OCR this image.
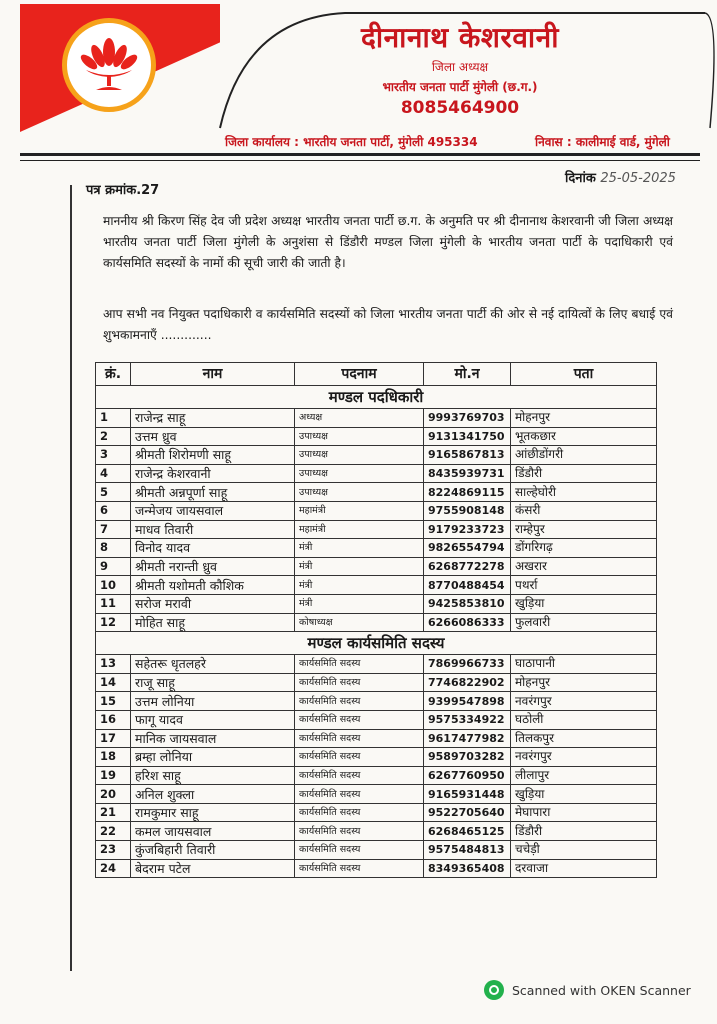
दीनानाथ केशरवानी
जिला अध्यक्ष
भारतीय जनता पार्टी मुंगेली (छ.ग.)
8085464900
जिला कार्यालय : भारतीय जनता पार्टी, मुंगेली 495334	निवास : कालीमाई वार्ड, मुंगेली
पत्र क्रमांक.27
दिनांक 25-05-2025
माननीय श्री किरण सिंह देव जी प्रदेश अध्यक्ष भारतीय जनता पार्टी छ.ग. के अनुमति पर श्री दीनानाथ केशरवानी जी जिला अध्यक्ष भारतीय जनता पार्टी जिला मुंगेली के अनुशंसा से डिंडौरी मण्डल जिला मुंगेली के भारतीय जनता पार्टी के पदाधिकारी एवं कार्यसमिति सदस्यों के नामों की सूची जारी की जाती है।
आप सभी नव नियुक्त पदाधिकारी व कार्यसमिति सदस्यों को जिला भारतीय जनता पार्टी की ओर से नई दायित्वों के लिए बधाई एवं शुभकामनाएँ .............
क्रं.	नाम	पदनाम	मो.न	पता
मण्डल पदधिकारी				
1	राजेन्द्र साहू	अध्यक्ष	9993769703	मोहनपुर
2	उत्तम ध्रुव	उपाध्यक्ष	9131341750	भूतकछार
3	श्रीमती शिरोमणी साहू	उपाध्यक्ष	9165867813	आंछीडोंगरी
4	राजेन्द्र केशरवानी	उपाध्यक्ष	8435939731	डिंडौरी
5	श्रीमती अन्नपूर्णा साहू	उपाध्यक्ष	8224869115	साल्हेघोरी
6	जन्मेजय जायसवाल	महामंत्री	9755908148	कंसरी
7	माधव तिवारी	महामंत्री	9179233723	राम्हेपुर
8	विनोद यादव	मंत्री	9826554794	डोंगरिगढ़
9	श्रीमती नरान्ती ध्रुव	मंत्री	6268772278	अखरार
10	श्रीमती यशोमती कौशिक	मंत्री	8770488454	पथर्रा
11	सरोज मरावी	मंत्री	9425853810	खुड़िया
12	मोहित साहू	कोषाध्यक्ष	6266086333	फुलवारी
मण्डल कार्यसमिति सदस्य				
13	सहेतरू धृतलहरे	कार्यसमिति सदस्य	7869966733	घाठापानी
14	राजू साहू	कार्यसमिति सदस्य	7746822902	मोहनपुर
15	उत्तम लोनिया	कार्यसमिति सदस्य	9399547898	नवरंगपुर
16	फागू यादव	कार्यसमिति सदस्य	9575334922	घठोली
17	मानिक जायसवाल	कार्यसमिति सदस्य	9617477982	तिलकपुर
18	ब्रम्हा लोनिया	कार्यसमिति सदस्य	9589703282	नवरंगपुर
19	हरिश साहू	कार्यसमिति सदस्य	6267760950	लीलापुर
20	अनिल शुक्ला	कार्यसमिति सदस्य	9165931448	खुड़िया
21	रामकुमार साहू	कार्यसमिति सदस्य	9522705640	मेघापारा
22	कमल जायसवाल	कार्यसमिति सदस्य	6268465125	डिंडौरी
23	कुंजबिहारी तिवारी	कार्यसमिति सदस्य	9575484813	चचेड़ी
24	बेदराम पटेल	कार्यसमिति सदस्य	8349365408	दरवाजा
Scanned with OKEN Scanner
